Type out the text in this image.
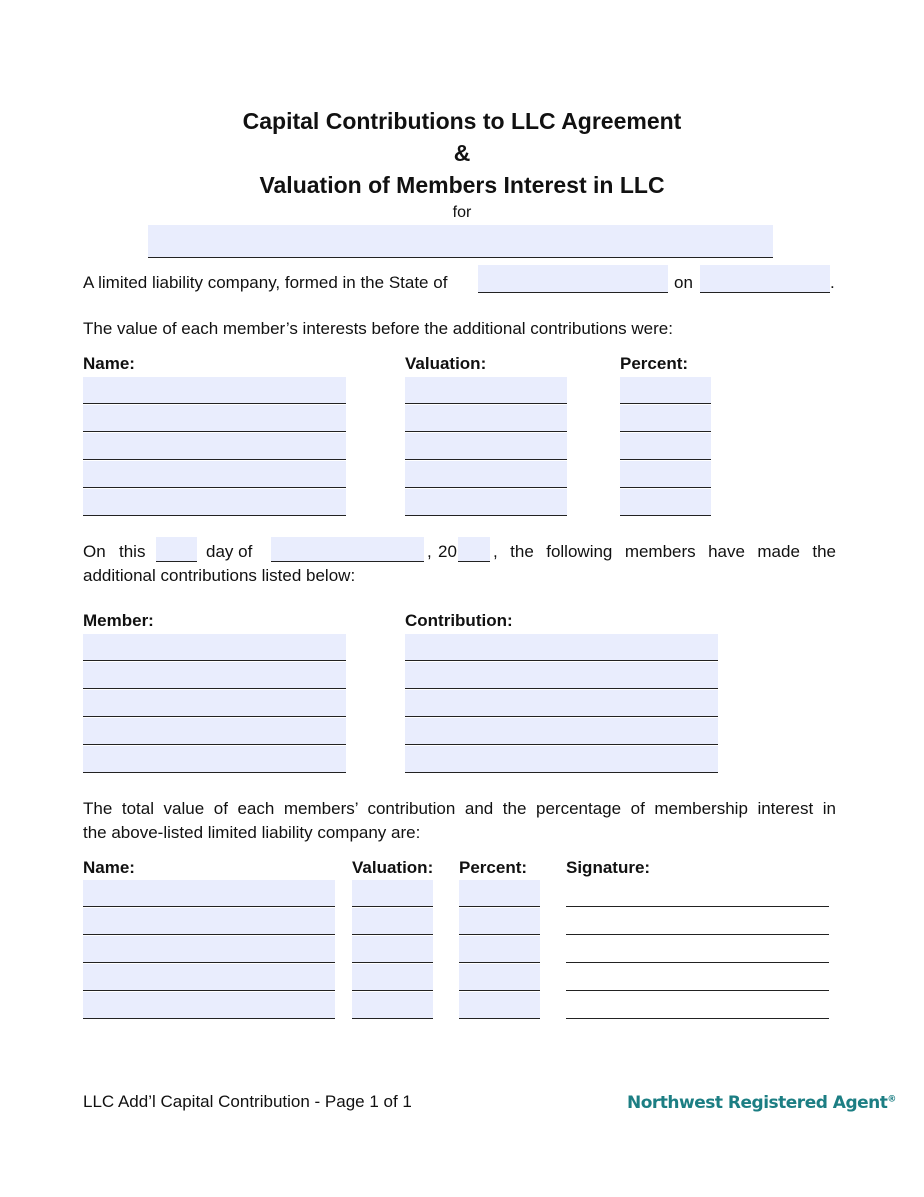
Capital Contributions to LLC Agreement
&
Valuation of Members Interest in LLC
for
A limited liability company, formed in the State of	on	.
The value of each member’s interests before the additional contributions were:
Name:	Valuation:	Percent:
On this	day of	, 20 , the following members have made the
additional contributions listed below:
Member:	Contribution:
The total value of each members’ contribution and the percentage of membership interest in
the above-listed limited liability company are:
Name:	Valuation: Percent: Signature:
LLC Add’l Capital Contribution - Page 1 of 1	Northwest Registered Agent®
